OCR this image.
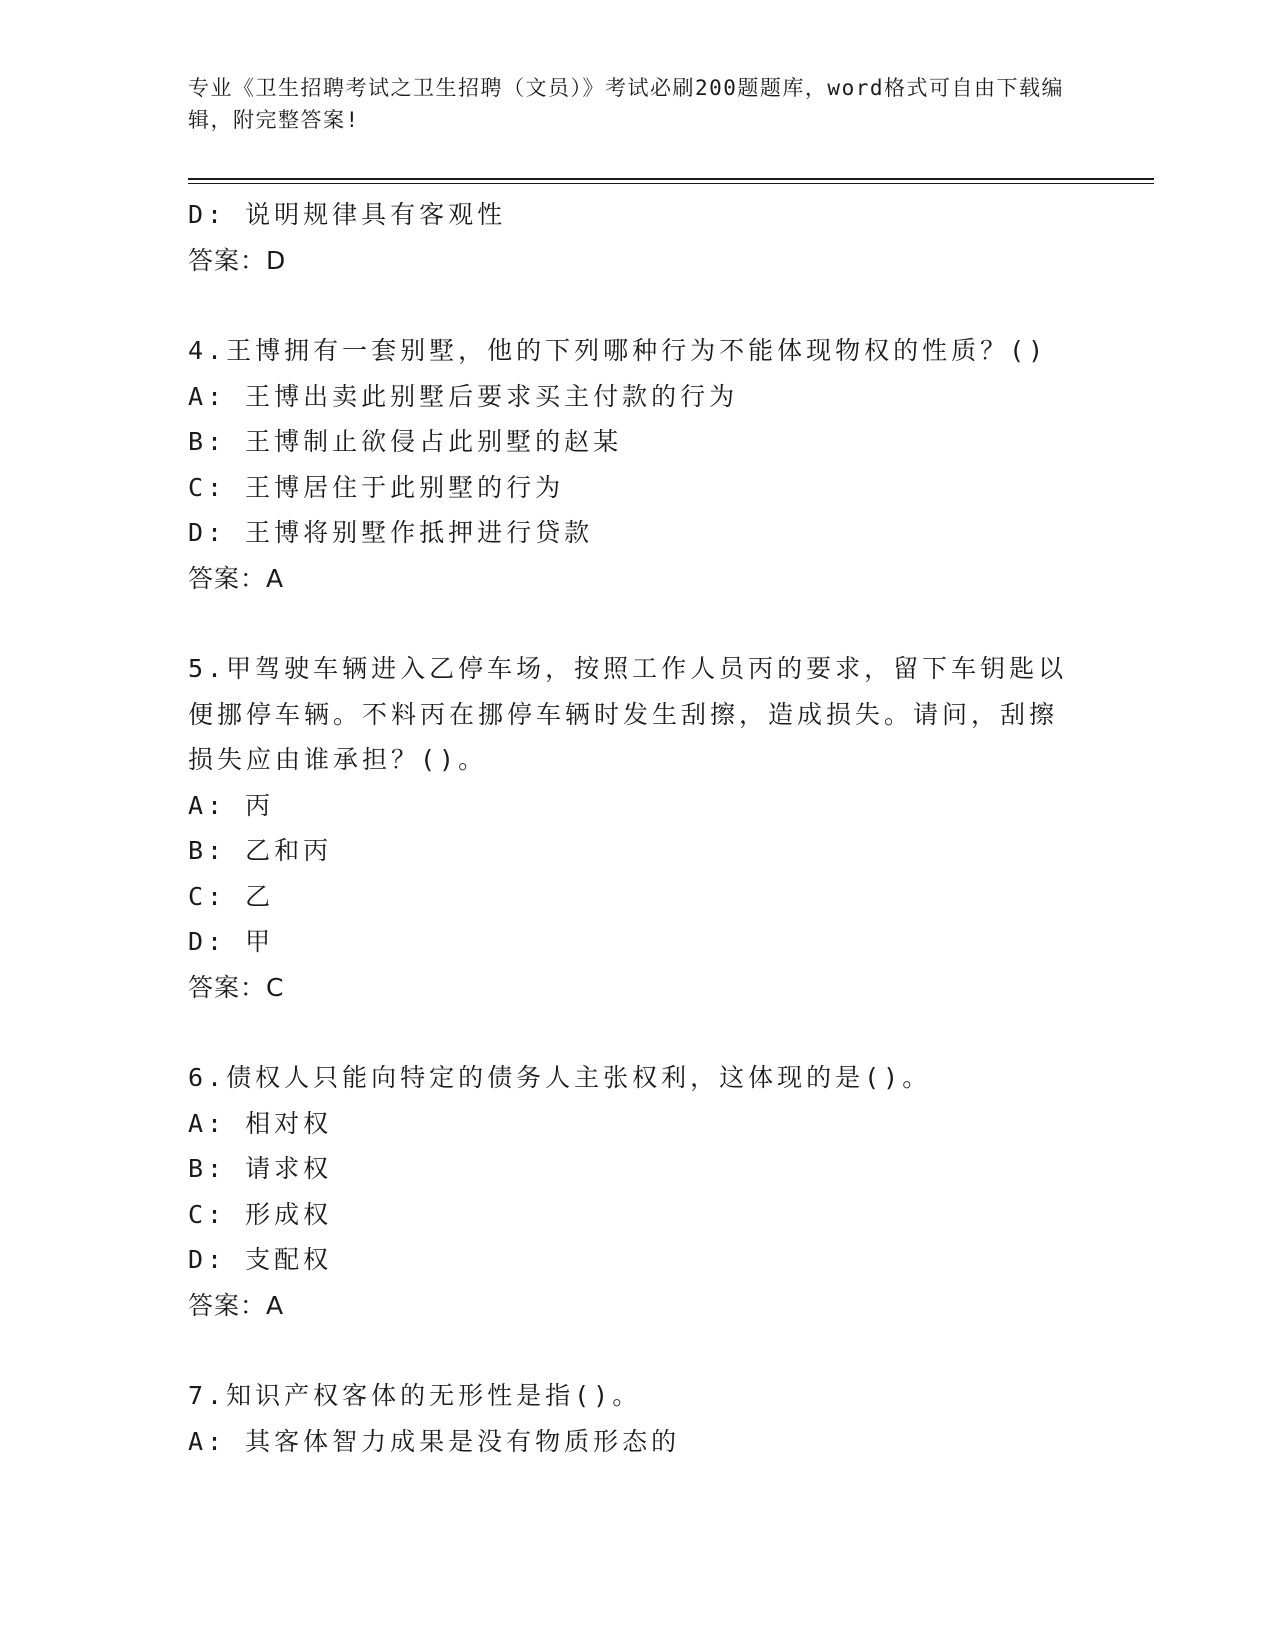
专业《卫生招聘考试之卫生招聘（文员）》考试必刷200题题库，word格式可自由下载编辑，附完整答案!
D: 说明规律具有客观性
答案：D
4.王博拥有一套别墅，他的下列哪种行为不能体现物权的性质？()
A: 王博出卖此别墅后要求买主付款的行为
B: 王博制止欲侵占此别墅的赵某
C: 王博居住于此别墅的行为
D: 王博将别墅作抵押进行贷款
答案：A
5.甲驾驶车辆进入乙停车场，按照工作人员丙的要求，留下车钥匙以便挪停车辆。不料丙在挪停车辆时发生刮擦，造成损失。请问，刮擦损失应由谁承担？()。
A: 丙
B: 乙和丙
C: 乙
D: 甲
答案：C
6.债权人只能向特定的债务人主张权利，这体现的是()。
A: 相对权
B: 请求权
C: 形成权
D: 支配权
答案：A
7.知识产权客体的无形性是指()。
A: 其客体智力成果是没有物质形态的
